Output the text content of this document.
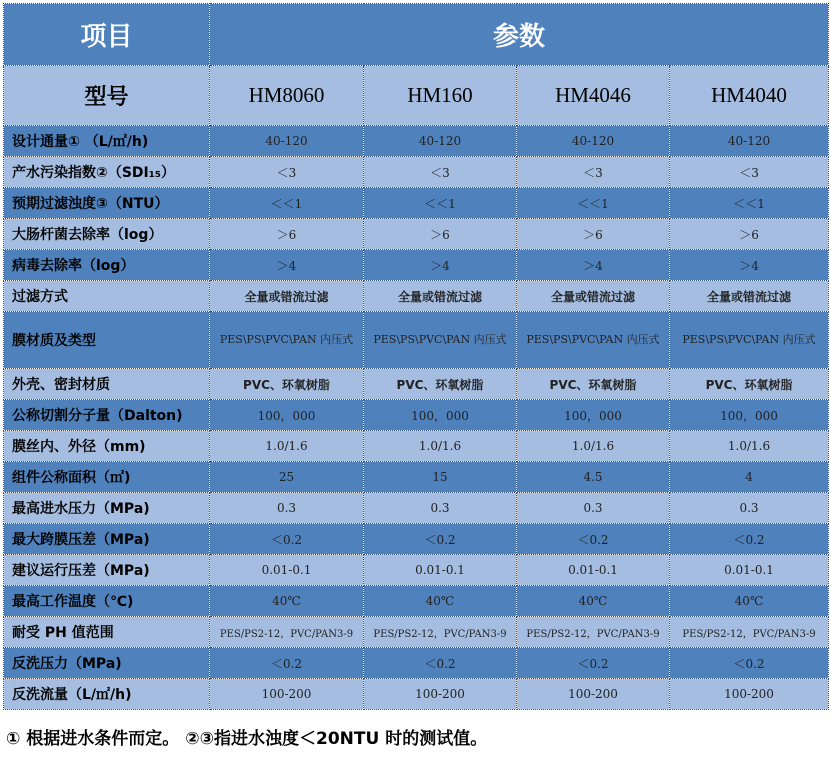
项目	参数			
型号	HM8060	HM160	HM4046	HM4040
设计通量① （L/㎡/h)	40-120	40-120	40-120	40-120
产水污染指数②（SDI₁₅）	＜3	＜3	＜3	＜3
预期过滤浊度③（NTU）	＜＜1	＜＜1	＜＜1	＜＜1
大肠杆菌去除率（log）	＞6	＞6	＞6	＞6
病毒去除率（log）	＞4	＞4	＞4	＞4
过滤方式	全量或错流过滤	全量或错流过滤	全量或错流过滤	全量或错流过滤
膜材质及类型	PES\PS\PVC\PAN 内压式	PES\PS\PVC\PAN 内压式	PES\PS\PVC\PAN 内压式	PES\PS\PVC\PAN 内压式
外壳、密封材质	PVC、环氧树脂	PVC、环氧树脂	PVC、环氧树脂	PVC、环氧树脂
公称切割分子量（Dalton)	100，000	100，000	100，000	100，000
膜丝内、外径（mm)	1.0/1.6	1.0/1.6	1.0/1.6	1.0/1.6
组件公称面积（㎡)	25	15	4.5	4
最高进水压力（MPa)	0.3	0.3	0.3	0.3
最大跨膜压差（MPa)	＜0.2	＜0.2	＜0.2	＜0.2
建议运行压差（MPa)	0.01-0.1	0.01-0.1	0.01-0.1	0.01-0.1
最高工作温度（℃)	40℃	40℃	40℃	40℃
耐受 PH 值范围	PES/PS2-12，PVC/PAN3-9	PES/PS2-12，PVC/PAN3-9	PES/PS2-12，PVC/PAN3-9	PES/PS2-12，PVC/PAN3-9
反洗压力（MPa)	＜0.2	＜0.2	＜0.2	＜0.2
反洗流量（L/㎡/h)	100-200	100-200	100-200	100-200
① 根据进水条件而定。 ②③指进水浊度＜20NTU 时的测试值。
